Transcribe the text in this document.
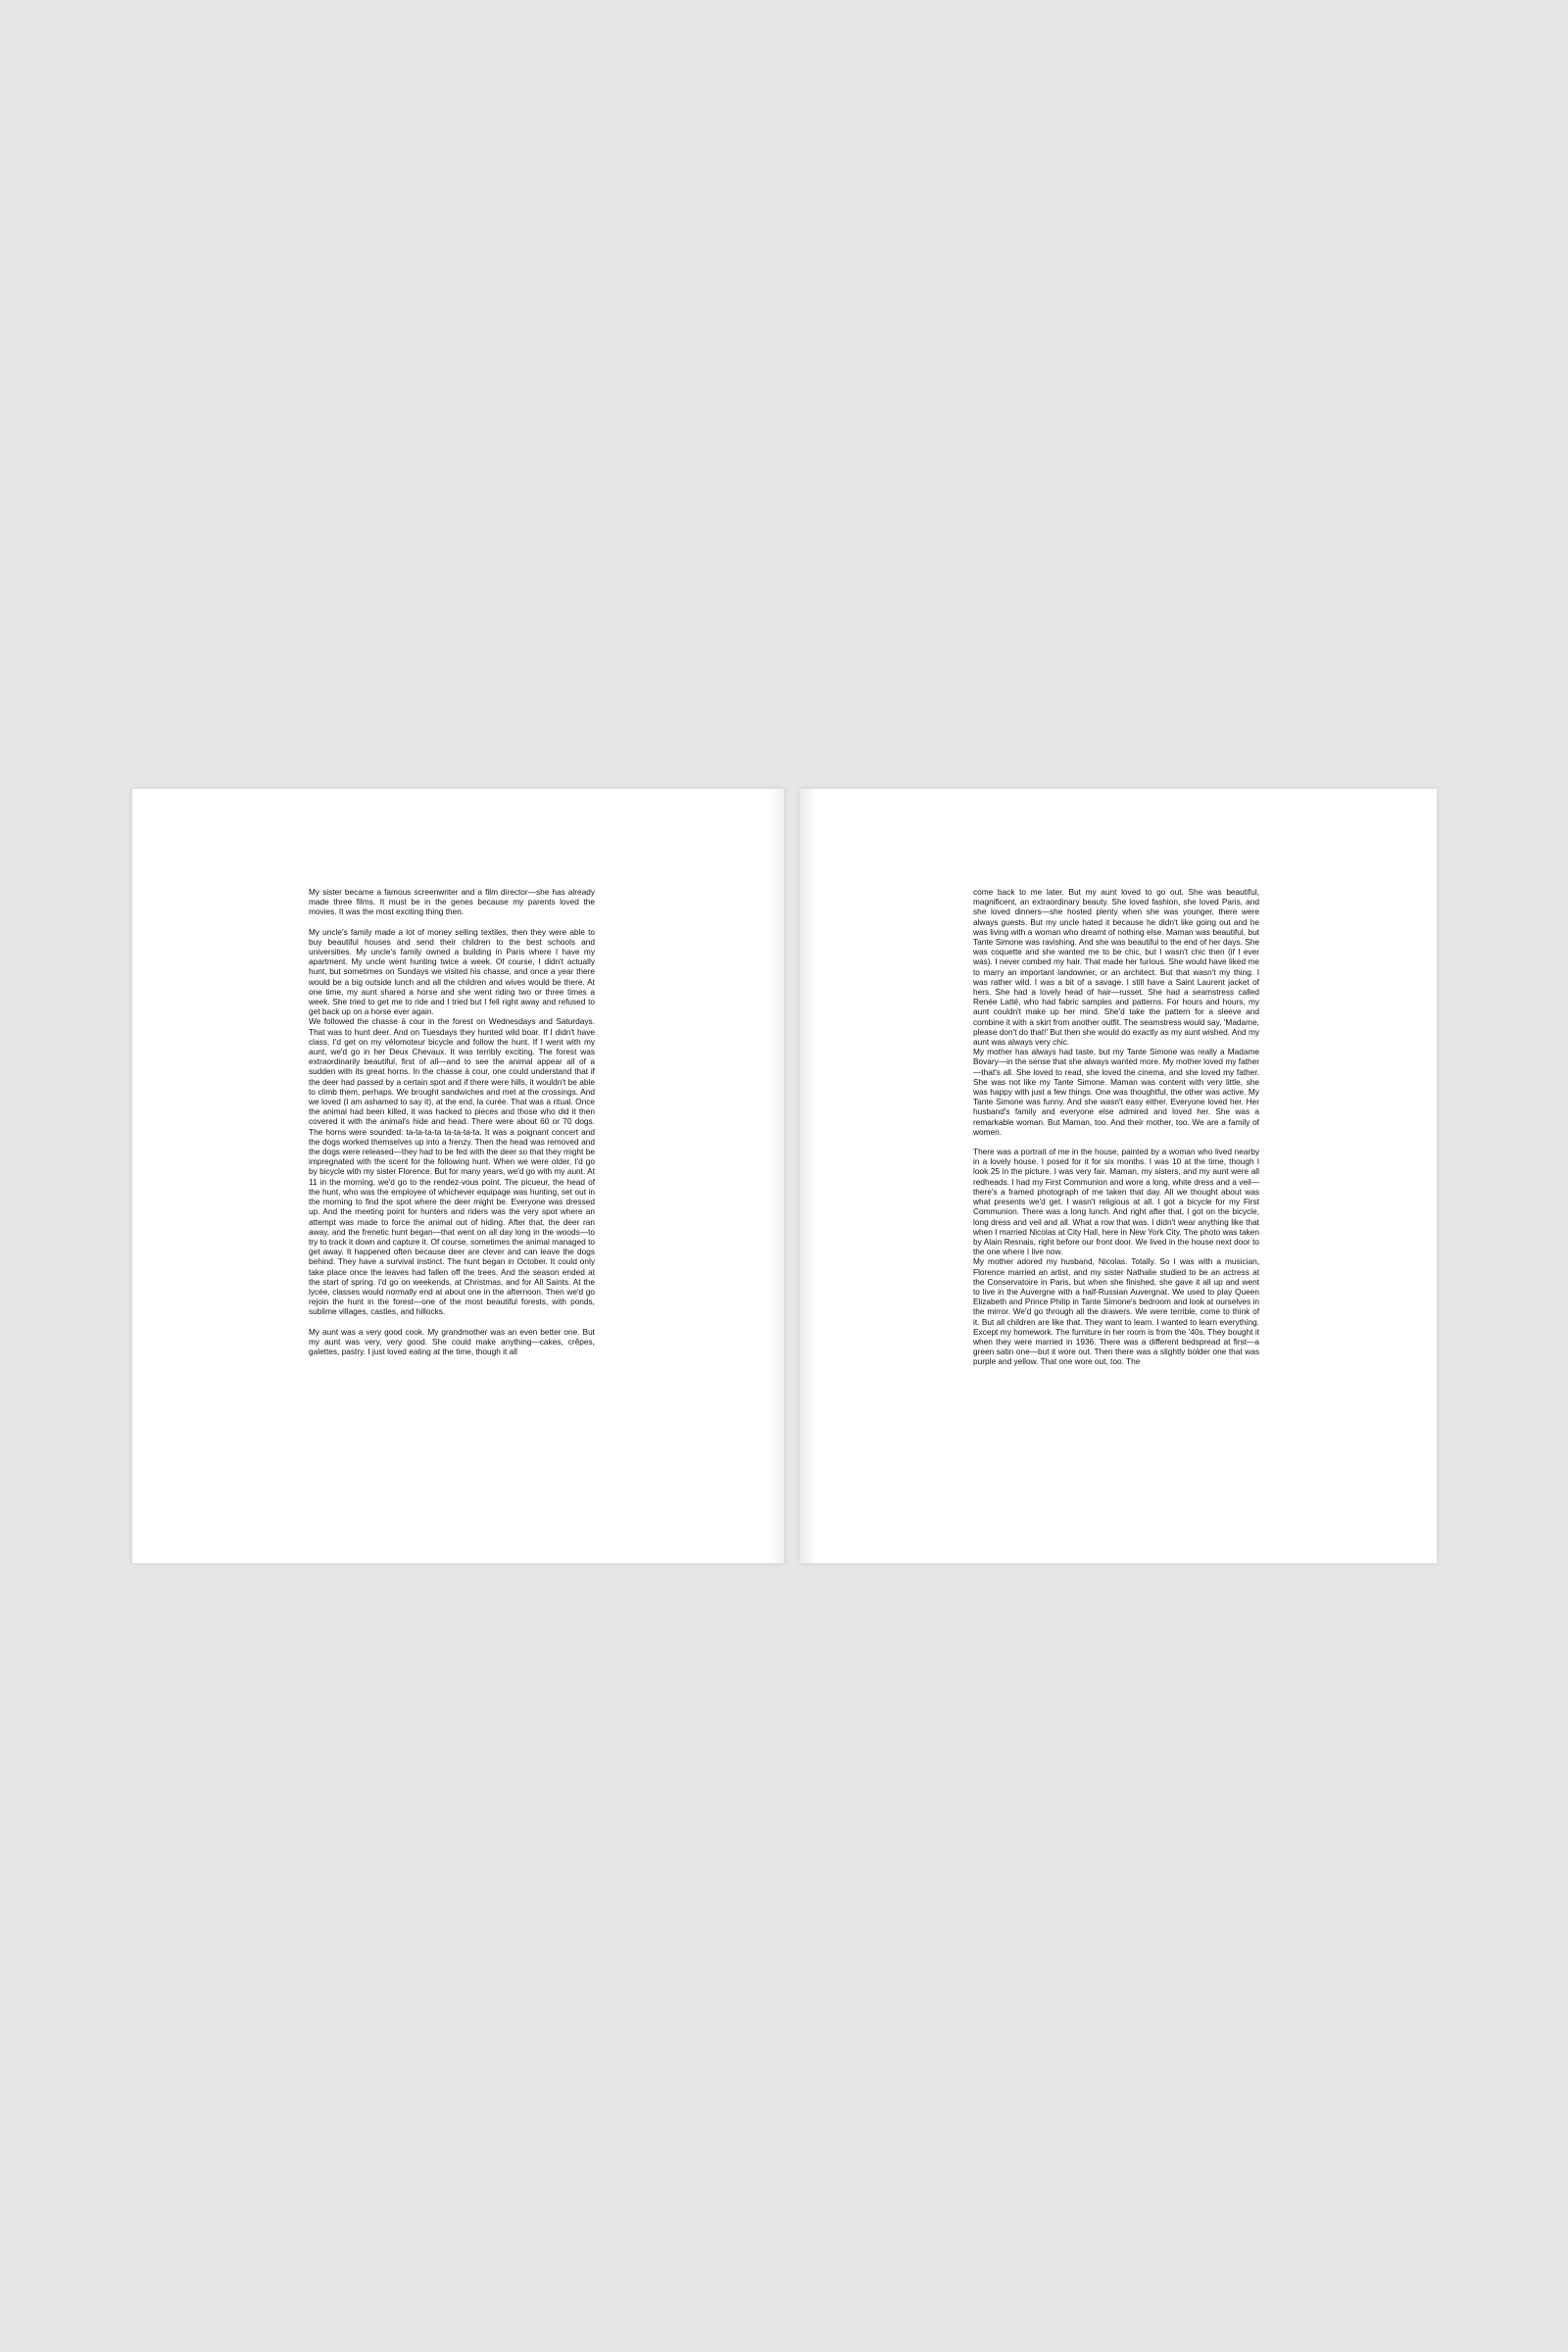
My sister became a famous screenwriter and a film director—she has already made three films. It must be in the genes because my parents loved the movies. It was the most exciting thing then.

My uncle's family made a lot of money selling textiles, then they were able to buy beautiful houses and send their children to the best schools and universities. My uncle's family owned a building in Paris where I have my apartment. My uncle went hunting twice a week. Of course, I didn't actually hunt, but sometimes on Sundays we visited his chasse, and once a year there would be a big outside lunch and all the children and wives would be there. At one time, my aunt shared a horse and she went riding two or three times a week. She tried to get me to ride and I tried but I fell right away and refused to get back up on a horse ever again.

We followed the chasse à cour in the forest on Wednesdays and Saturdays. That was to hunt deer. And on Tuesdays they hunted wild boar. If I didn't have class, I'd get on my vélomoteur bicycle and follow the hunt. If I went with my aunt, we'd go in her Deux Chevaux. It was terribly exciting. The forest was extraordinarily beautiful, first of all—and to see the animal appear all of a sudden with its great horns. In the chasse à cour, one could understand that if the deer had passed by a certain spot and if there were hills, it wouldn't be able to climb them, perhaps. We brought sandwiches and met at the crossings. And we loved (I am ashamed to say it), at the end, la curée. That was a ritual. Once the animal had been killed, it was hacked to pieces and those who did it then covered it with the animal's hide and head. There were about 60 or 70 dogs. The horns were sounded: ta-ta-ta-ta ta-ta-ta-ta. It was a poignant concert and the dogs worked themselves up into a frenzy. Then the head was removed and the dogs were released—they had to be fed with the deer so that they might be impregnated with the scent for the following hunt. When we were older, I'd go by bicycle with my sister Florence. But for many years, we'd go with my aunt. At 11 in the morning, we'd go to the rendez-vous point. The picueur, the head of the hunt, who was the employee of whichever equipage was hunting, set out in the morning to find the spot where the deer might be. Everyone was dressed up. And the meeting point for hunters and riders was the very spot where an attempt was made to force the animal out of hiding. After that, the deer ran away, and the frenetic hunt began—that went on all day long in the woods—to try to track it down and capture it. Of course, sometimes the animal managed to get away. It happened often because deer are clever and can leave the dogs behind. They have a survival instinct. The hunt began in October. It could only take place once the leaves had fallen off the trees. And the season ended at the start of spring. I'd go on weekends, at Christmas, and for All Saints. At the lycée, classes would normally end at about one in the afternoon. Then we'd go rejoin the hunt in the forest—one of the most beautiful forests, with ponds, sublime villages, castles, and hillocks.

My aunt was a very good cook. My grandmother was an even better one. But my aunt was very, very good. She could make anything—cakes, crêpes, galettes, pastry. I just loved eating at the time, though it all

come back to me later. But my aunt loved to go out. She was beautiful, magnificent, an extraordinary beauty. She loved fashion, she loved Paris, and she loved dinners—she hosted plenty when she was younger, there were always guests. But my uncle hated it because he didn't like going out and he was living with a woman who dreamt of nothing else. Maman was beautiful, but Tante Simone was ravishing. And she was beautiful to the end of her days. She was coquette and she wanted me to be chic, but I wasn't chic then (if I ever was). I never combed my hair. That made her furious. She would have liked me to marry an important landowner, or an architect. But that wasn't my thing. I was rather wild. I was a bit of a savage. I still have a Saint Laurent jacket of hers. She had a lovely head of hair—russet. She had a seamstress called Renée Latté, who had fabric samples and patterns. For hours and hours, my aunt couldn't make up her mind. She'd take the pattern for a sleeve and combine it with a skirt from another outfit. The seamstress would say, 'Madame, please don't do that!' But then she would do exactly as my aunt wished. And my aunt was always very chic.

My mother has always had taste, but my Tante Simone was really a Madame Bovary—in the sense that she always wanted more. My mother loved my father—that's all. She loved to read, she loved the cinema, and she loved my father. She was not like my Tante Simone. Maman was content with very little, she was happy with just a few things. One was thoughtful, the other was active. My Tante Simone was funny. And she wasn't easy either. Everyone loved her. Her husband's family and everyone else admired and loved her. She was a remarkable woman. But Maman, too. And their mother, too. We are a family of women.

There was a portrait of me in the house, painted by a woman who lived nearby in a lovely house. I posed for it for six months. I was 10 at the time, though I look 25 in the picture. I was very fair. Maman, my sisters, and my aunt were all redheads. I had my First Communion and wore a long, white dress and a veil—there's a framed photograph of me taken that day. All we thought about was what presents we'd get. I wasn't religious at all. I got a bicycle for my First Communion. There was a long lunch. And right after that, I got on the bicycle, long dress and veil and all. What a row that was. I didn't wear anything like that when I married Nicolas at City Hall, here in New York City. The photo was taken by Alain Resnais, right before our front door. We lived in the house next door to the one where I live now.

My mother adored my husband, Nicolas. Totally. So I was with a musician, Florence married an artist, and my sister Nathalie studied to be an actress at the Conservatoire in Paris, but when she finished, she gave it all up and went to live in the Auvergne with a half-Russian Auvergnat. We used to play Queen Elizabeth and Prince Philip in Tante Simone's bedroom and look at ourselves in the mirror. We'd go through all the drawers. We were terrible, come to think of it. But all children are like that. They want to learn. I wanted to learn everything. Except my homework. The furniture in her room is from the '40s. They bought it when they were married in 1936. There was a different bedspread at first—a green satin one—but it wore out. Then there was a slightly bolder one that was purple and yellow. That one wore out, too. The
